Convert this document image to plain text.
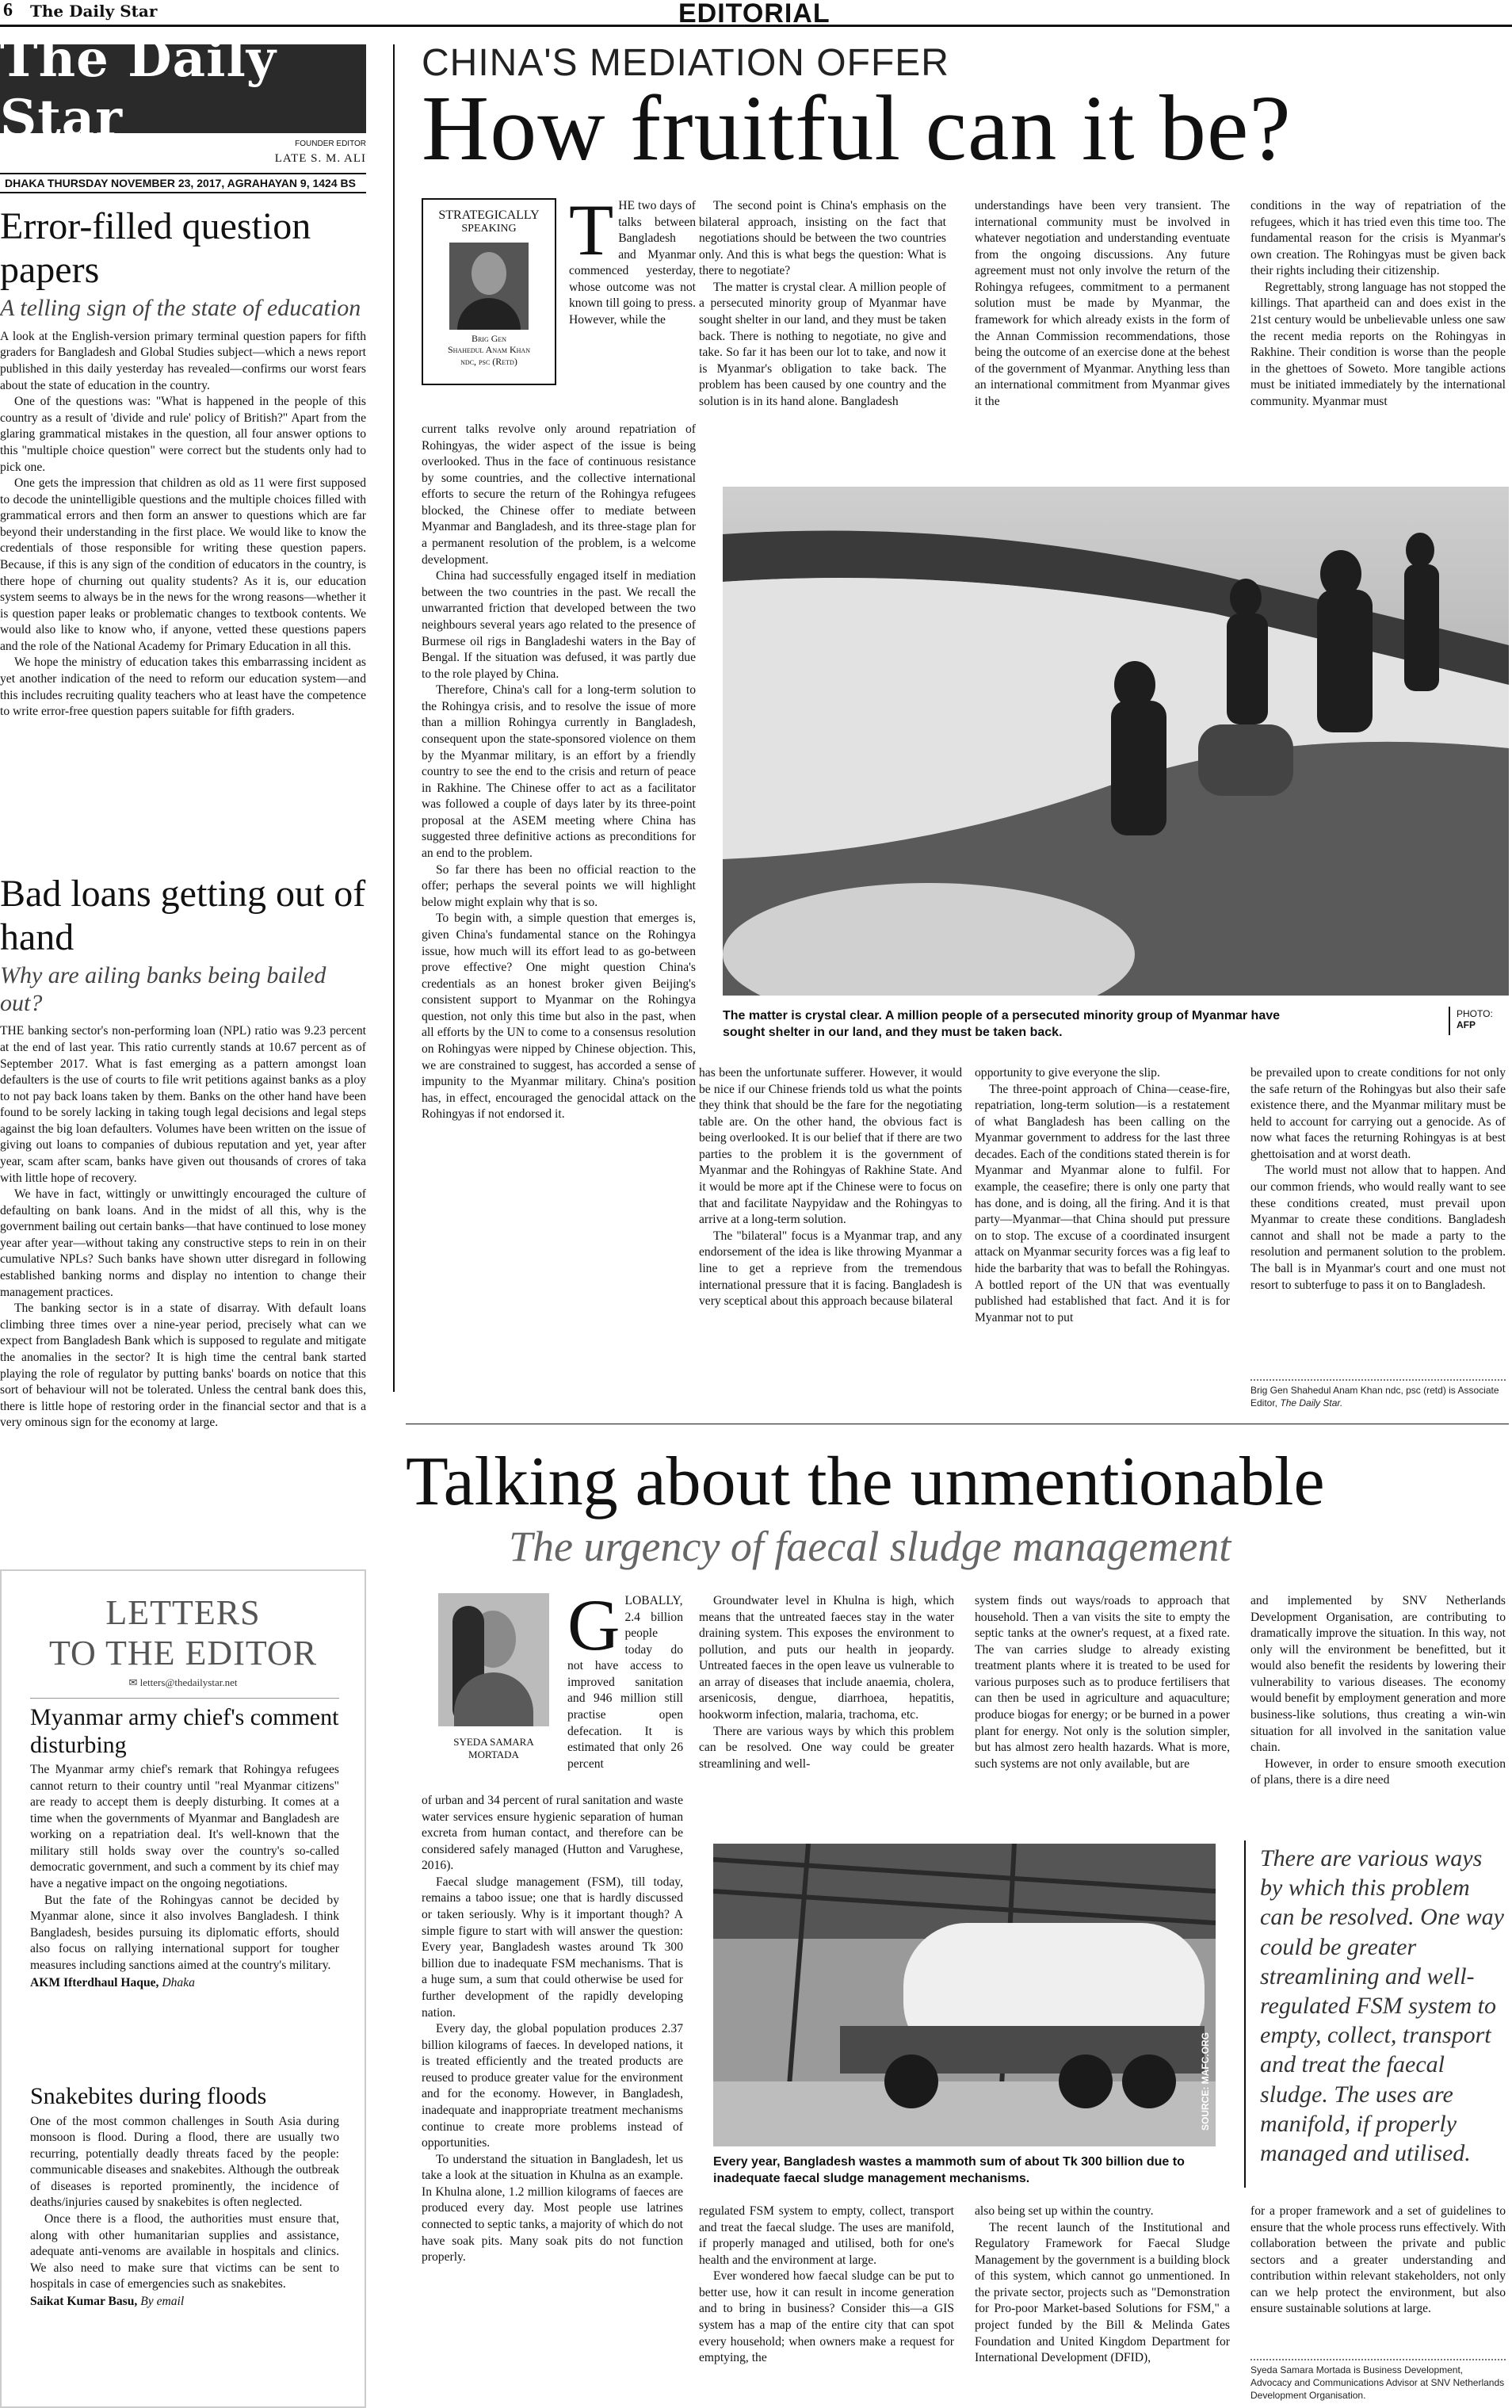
6 The Daily Star	EDITORIAL
The Daily Star	FOUNDER EDITOR
LATE S. M. ALI
DHAKA THURSDAY NOVEMBER 23, 2017, AGRAHAYAN 9, 1424 BS
Error-filled question papers
A telling sign of the state of education

A look at the English-version primary terminal question papers for fifth graders for Bangladesh and Global Studies subject—which a news report published in this daily yesterday has revealed—confirms our worst fears about the state of education in the country.

One of the questions was: "What is happened in the people of this country as a result of 'divide and rule' policy of British?" Apart from the glaring grammatical mistakes in the question, all four answer options to this "multiple choice question" were correct but the students only had to pick one.

One gets the impression that children as old as 11 were first supposed to decode the unintelligible questions and the multiple choices filled with grammatical errors and then form an answer to questions which are far beyond their understanding in the first place. We would like to know the credentials of those responsible for writing these question papers. Because, if this is any sign of the condition of educators in the country, is there hope of churning out quality students? As it is, our education system seems to always be in the news for the wrong reasons—whether it is question paper leaks or problematic changes to textbook contents. We would also like to know who, if anyone, vetted these questions papers and the role of the National Academy for Primary Education in all this.

We hope the ministry of education takes this embarrassing incident as yet another indication of the need to reform our education system—and this includes recruiting quality teachers who at least have the competence to write error-free question papers suitable for fifth graders.

Bad loans getting out of hand
Why are ailing banks being bailed out?

THE banking sector's non-performing loan (NPL) ratio was 9.23 percent at the end of last year. This ratio currently stands at 10.67 percent as of September 2017. What is fast emerging as a pattern amongst loan defaulters is the use of courts to file writ petitions against banks as a ploy to not pay back loans taken by them. Banks on the other hand have been found to be sorely lacking in taking tough legal decisions and legal steps against the big loan defaulters. Volumes have been written on the issue of giving out loans to companies of dubious reputation and yet, year after year, scam after scam, banks have given out thousands of crores of taka with little hope of recovery.

We have in fact, wittingly or unwittingly encouraged the culture of defaulting on bank loans. And in the midst of all this, why is the government bailing out certain banks—that have continued to lose money year after year—without taking any constructive steps to rein in on their cumulative NPLs? Such banks have shown utter disregard in following established banking norms and display no intention to change their management practices.

The banking sector is in a state of disarray. With default loans climbing three times over a nine-year period, precisely what can we expect from Bangladesh Bank which is supposed to regulate and mitigate the anomalies in the sector? It is high time the central bank started playing the role of regulator by putting banks' boards on notice that this sort of behaviour will not be tolerated. Unless the central bank does this, there is little hope of restoring order in the financial sector and that is a very ominous sign for the economy at large.

LETTERS
TO THE EDITOR
✉ letters@thedailystar.net
Myanmar army chief's comment disturbing

The Myanmar army chief's remark that Rohingya refugees cannot return to their country until "real Myanmar citizens" are ready to accept them is deeply disturbing. It comes at a time when the governments of Myanmar and Bangladesh are working on a repatriation deal. It's well-known that the military still holds sway over the country's so-called democratic government, and such a comment by its chief may have a negative impact on the ongoing negotiations.

But the fate of the Rohingyas cannot be decided by Myanmar alone, since it also involves Bangladesh. I think Bangladesh, besides pursuing its diplomatic efforts, should also focus on rallying international support for tougher measures including sanctions aimed at the country's military.

AKM Ifterdhaul Haque, Dhaka
Snakebites during floods

One of the most common challenges in South Asia during monsoon is flood. During a flood, there are usually two recurring, potentially deadly threats faced by the people: communicable diseases and snakebites. Although the outbreak of diseases is reported prominently, the incidence of deaths/injuries caused by snakebites is often neglected.

Once there is a flood, the authorities must ensure that, along with other humanitarian supplies and assistance, adequate anti-venoms are available in hospitals and clinics. We also need to make sure that victims can be sent to hospitals in case of emergencies such as snakebites.

Saikat Kumar Basu, By email
CHINA'S MEDIATION OFFER
How fruitful can it be?
STRATEGICALLY
SPEAKING
Brig Gen
Shahedul Anam Khan
ndc, psc (Retd)
THE two days of talks between Bangladesh and Myanmar commenced yesterday, whose outcome was not known till going to press. However, while the

current talks revolve only around repatriation of Rohingyas, the wider aspect of the issue is being overlooked. Thus in the face of continuous resistance by some countries, and the collective international efforts to secure the return of the Rohingya refugees blocked, the Chinese offer to mediate between Myanmar and Bangladesh, and its three-stage plan for a permanent resolution of the problem, is a welcome development.

China had successfully engaged itself in mediation between the two countries in the past. We recall the unwarranted friction that developed between the two neighbours several years ago related to the presence of Burmese oil rigs in Bangladeshi waters in the Bay of Bengal. If the situation was defused, it was partly due to the role played by China.

Therefore, China's call for a long-term solution to the Rohingya crisis, and to resolve the issue of more than a million Rohingya currently in Bangladesh, consequent upon the state-sponsored violence on them by the Myanmar military, is an effort by a friendly country to see the end to the crisis and return of peace in Rakhine. The Chinese offer to act as a facilitator was followed a couple of days later by its three-point proposal at the ASEM meeting where China has suggested three definitive actions as preconditions for an end to the problem.

So far there has been no official reaction to the offer; perhaps the several points we will highlight below might explain why that is so.

To begin with, a simple question that emerges is, given China's fundamental stance on the Rohingya issue, how much will its effort lead to as go-between prove effective? One might question China's credentials as an honest broker given Beijing's consistent support to Myanmar on the Rohingya question, not only this time but also in the past, when all efforts by the UN to come to a consensus resolution on Rohingyas were nipped by Chinese objection. This, we are constrained to suggest, has accorded a sense of impunity to the Myanmar military. China's position has, in effect, encouraged the genocidal attack on the Rohingyas if not endorsed it.

The second point is China's emphasis on the bilateral approach, insisting on the fact that negotiations should be between the two countries only. And this is what begs the question: What is there to negotiate?

The matter is crystal clear. A million people of a persecuted minority group of Myanmar have sought shelter in our land, and they must be taken back. There is nothing to negotiate, no give and take. So far it has been our lot to take, and now it is Myanmar's obligation to take back. The problem has been caused by one country and the solution is in its hand alone. Bangladesh

understandings have been very transient. The international community must be involved in whatever negotiation and understanding eventuate from the ongoing discussions. Any future agreement must not only involve the return of the Rohingya refugees, commitment to a permanent solution must be made by Myanmar, the framework for which already exists in the form of the Annan Commission recommendations, those being the outcome of an exercise done at the behest of the government of Myanmar. Anything less than an international commitment from Myanmar gives it the

conditions in the way of repatriation of the refugees, which it has tried even this time too. The fundamental reason for the crisis is Myanmar's own creation. The Rohingyas must be given back their rights including their citizenship.

Regrettably, strong language has not stopped the killings. That apartheid can and does exist in the 21st century would be unbelievable unless one saw the recent media reports on the Rohingyas in Rakhine. Their condition is worse than the people in the ghettoes of Soweto. More tangible actions must be initiated immediately by the international community. Myanmar must

The matter is crystal clear. A million people of a persecuted minority group of Myanmar have sought shelter in our land, and they must be taken back.
PHOTO:
AFP

has been the unfortunate sufferer. However, it would be nice if our Chinese friends told us what the points they think that should be the fare for the negotiating table are. On the other hand, the obvious fact is being overlooked. It is our belief that if there are two parties to the problem it is the government of Myanmar and the Rohingyas of Rakhine State. And it would be more apt if the Chinese were to focus on that and facilitate Naypyidaw and the Rohingyas to arrive at a long-term solution.

The "bilateral" focus is a Myanmar trap, and any endorsement of the idea is like throwing Myanmar a line to get a reprieve from the tremendous international pressure that it is facing. Bangladesh is very sceptical about this approach because bilateral

opportunity to give everyone the slip.

The three-point approach of China—cease-fire, repatriation, long-term solution—is a restatement of what Bangladesh has been calling on the Myanmar government to address for the last three decades. Each of the conditions stated therein is for Myanmar and Myanmar alone to fulfil. For example, the ceasefire; there is only one party that has done, and is doing, all the firing. And it is that party—Myanmar—that China should put pressure on to stop. The excuse of a coordinated insurgent attack on Myanmar security forces was a fig leaf to hide the barbarity that was to befall the Rohingyas. A bottled report of the UN that was eventually published had established that fact. And it is for Myanmar not to put

be prevailed upon to create conditions for not only the safe return of the Rohingyas but also their safe existence there, and the Myanmar military must be held to account for carrying out a genocide. As of now what faces the returning Rohingyas is at best ghettoisation and at worst death.

The world must not allow that to happen. And our common friends, who would really want to see these conditions created, must prevail upon Myanmar to create these conditions. Bangladesh cannot and shall not be made a party to the resolution and permanent solution to the problem. The ball is in Myanmar's court and one must not resort to subterfuge to pass it on to Bangladesh.

Brig Gen Shahedul Anam Khan ndc, psc (retd) is Associate Editor, The Daily Star.
Talking about the unmentionable
The urgency of faecal sludge management
SYEDA SAMARA
MORTADA
GLOBALLY, 2.4 billion people today do not have access to improved sanitation and 946 million still practise open defecation. It is estimated that only 26 percent

of urban and 34 percent of rural sanitation and waste water services ensure hygienic separation of human excreta from human contact, and therefore can be considered safely managed (Hutton and Varughese, 2016).

Faecal sludge management (FSM), till today, remains a taboo issue; one that is hardly discussed or taken seriously. Why is it important though? A simple figure to start with will answer the question: Every year, Bangladesh wastes around Tk 300 billion due to inadequate FSM mechanisms. That is a huge sum, a sum that could otherwise be used for further development of the rapidly developing nation.

Every day, the global population produces 2.37 billion kilograms of faeces. In developed nations, it is treated efficiently and the treated products are reused to produce greater value for the environment and for the economy. However, in Bangladesh, inadequate and inappropriate treatment mechanisms continue to create more problems instead of opportunities.

To understand the situation in Bangladesh, let us take a look at the situation in Khulna as an example. In Khulna alone, 1.2 million kilograms of faeces are produced every day. Most people use latrines connected to septic tanks, a majority of which do not have soak pits. Many soak pits do not function properly.

Groundwater level in Khulna is high, which means that the untreated faeces stay in the water draining system. This exposes the environment to pollution, and puts our health in jeopardy. Untreated faeces in the open leave us vulnerable to an array of diseases that include anaemia, cholera, arsenicosis, dengue, diarrhoea, hepatitis, hookworm infection, malaria, trachoma, etc.

There are various ways by which this problem can be resolved. One way could be greater streamlining and well-

system finds out ways/roads to approach that household. Then a van visits the site to empty the septic tanks at the owner's request, at a fixed rate. The van carries sludge to already existing treatment plants where it is treated to be used for various purposes such as to produce fertilisers that can then be used in agriculture and aquaculture; produce biogas for energy; or be burned in a power plant for energy. Not only is the solution simpler, but has almost zero health hazards. What is more, such systems are not only available, but are

and implemented by SNV Netherlands Development Organisation, are contributing to dramatically improve the situation. In this way, not only will the environment be benefitted, but it would also benefit the residents by lowering their vulnerability to various diseases. The economy would benefit by employment generation and more business-like solutions, thus creating a win-win situation for all involved in the sanitation value chain.

However, in order to ensure smooth execution of plans, there is a dire need

SOURCE: MAFC.ORG
Every year, Bangladesh wastes a mammoth sum of about Tk 300 billion due to inadequate faecal sludge management mechanisms.
There are various ways by which this problem can be resolved. One way could be greater streamlining and well-regulated FSM system to empty, collect, transport and treat the faecal sludge. The uses are manifold, if properly managed and utilised.

regulated FSM system to empty, collect, transport and treat the faecal sludge. The uses are manifold, if properly managed and utilised, both for one's health and the environment at large.

Ever wondered how faecal sludge can be put to better use, how it can result in income generation and to bring in business? Consider this—a GIS system has a map of the entire city that can spot every household; when owners make a request for emptying, the

also being set up within the country.

The recent launch of the Institutional and Regulatory Framework for Faecal Sludge Management by the government is a building block of this system, which cannot go unmentioned. In the private sector, projects such as "Demonstration for Pro-poor Market-based Solutions for FSM," a project funded by the Bill & Melinda Gates Foundation and United Kingdom Department for International Development (DFID),

for a proper framework and a set of guidelines to ensure that the whole process runs effectively. With collaboration between the private and public sectors and a greater understanding and contribution within relevant stakeholders, not only can we help protect the environment, but also ensure sustainable solutions at large.

Syeda Samara Mortada is Business Development, Advocacy and Communications Advisor at SNV Netherlands Development Organisation.
